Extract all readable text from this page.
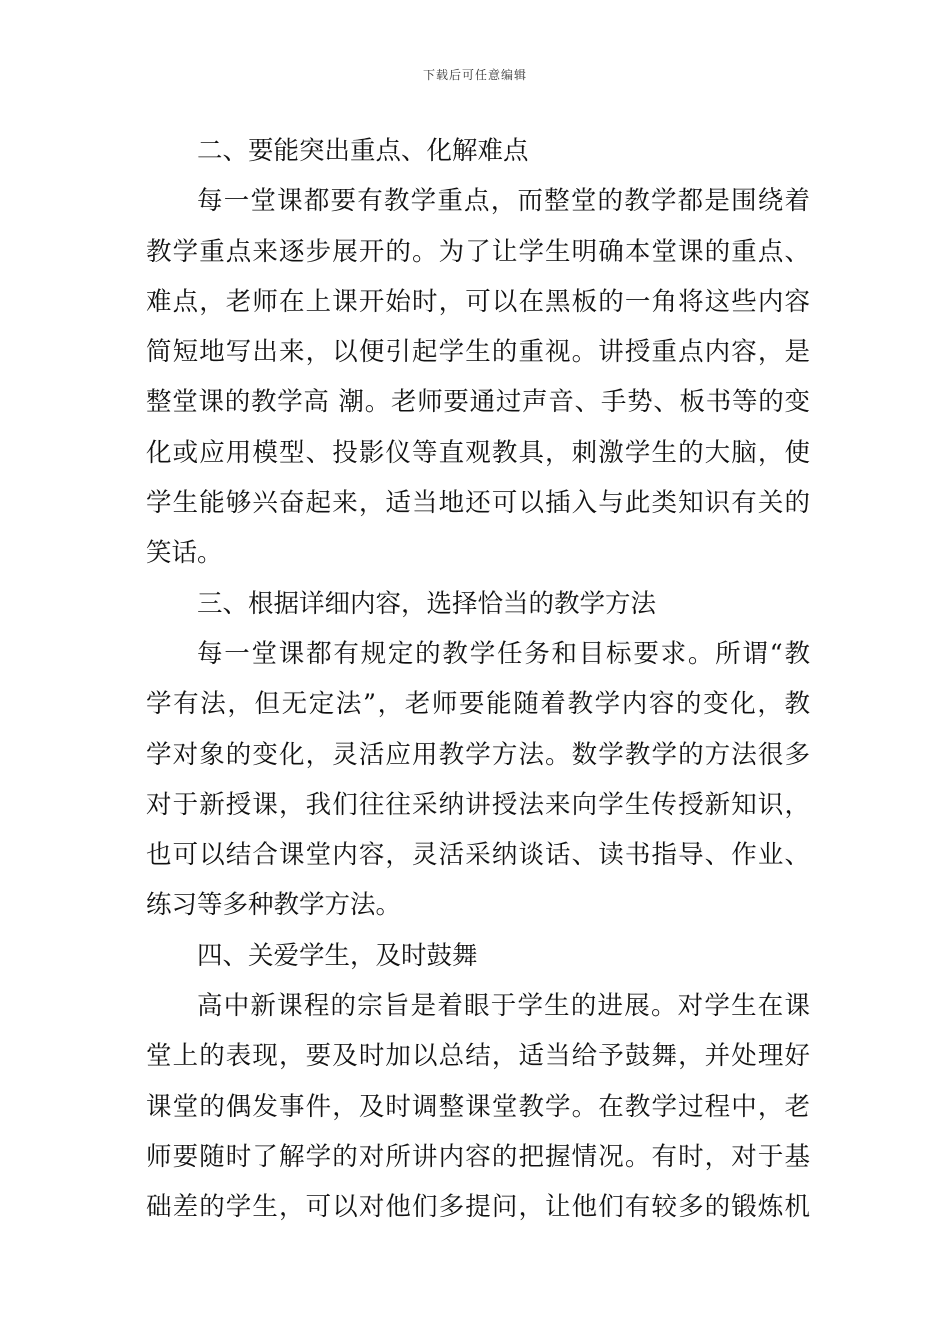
下载后可任意编辑
二、要能突出重点、化解难点
每一堂课都要有教学重点，而整堂的教学都是围绕着
教学重点来逐步展开的。为了让学生明确本堂课的重点、
难点，老师在上课开始时，可以在黑板的一角将这些内容
简短地写出来，以便引起学生的重视。讲授重点内容，是
整堂课的教学高 潮。老师要通过声音、手势、板书等的变
化或应用模型、投影仪等直观教具，刺激学生的大脑，使
学生能够兴奋起来，适当地还可以插入与此类知识有关的
笑话。
三、根据详细内容，选择恰当的教学方法
每一堂课都有规定的教学任务和目标要求。所谓“教
学有法，但无定法”，老师要能随着教学内容的变化，教
学对象的变化，灵活应用教学方法。数学教学的方法很多
对于新授课，我们往往采纳讲授法来向学生传授新知识，
也可以结合课堂内容，灵活采纳谈话、读书指导、作业、
练习等多种教学方法。
四、关爱学生，及时鼓舞
高中新课程的宗旨是着眼于学生的进展。对学生在课
堂上的表现，要及时加以总结，适当给予鼓舞，并处理好
课堂的偶发事件，及时调整课堂教学。在教学过程中，老
师要随时了解学的对所讲内容的把握情况。有时，对于基
础差的学生，可以对他们多提问，让他们有较多的锻炼机
